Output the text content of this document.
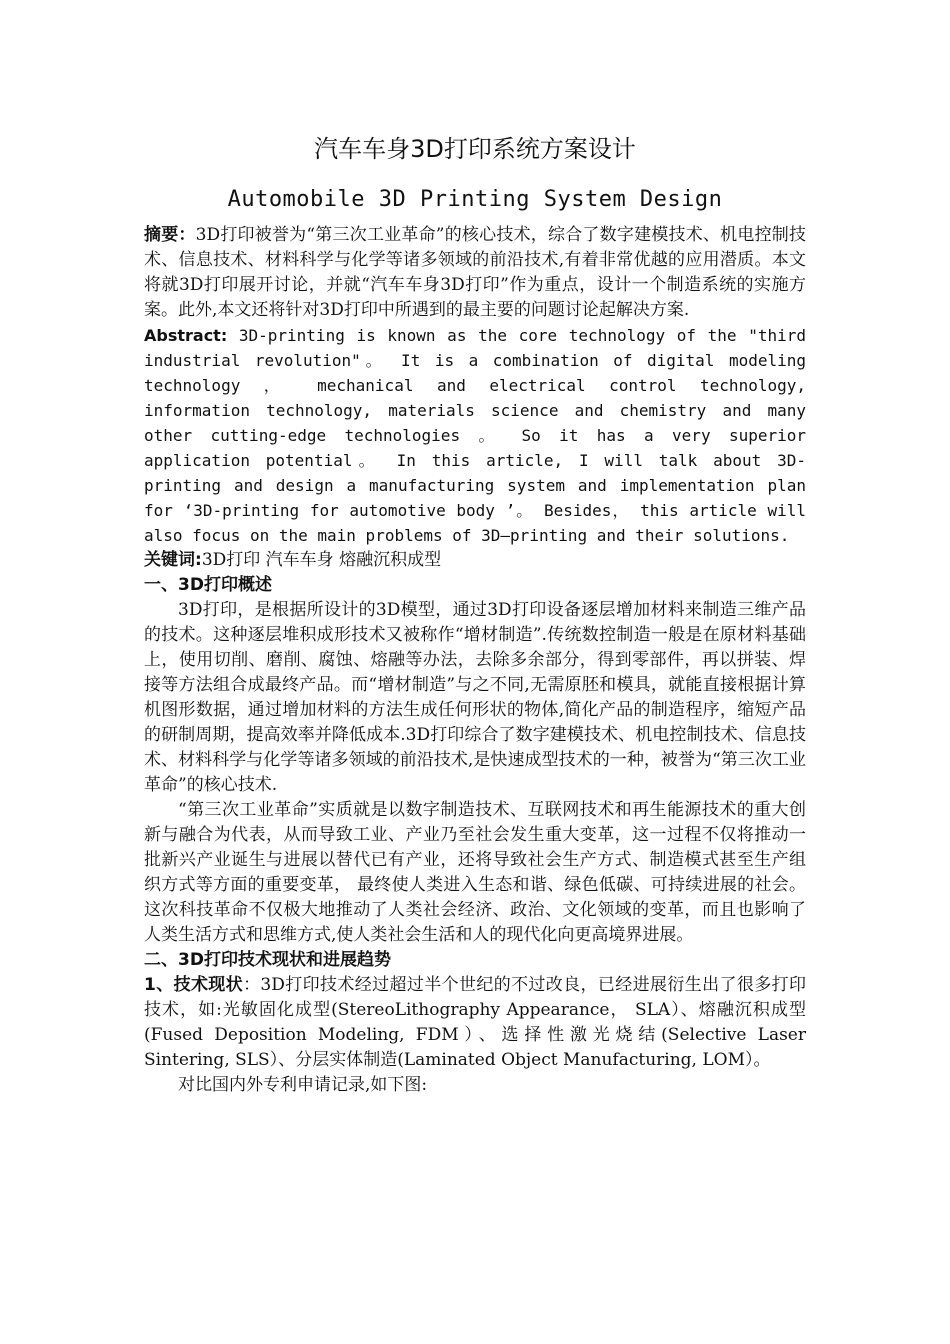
汽车车身3D打印系统方案设计
Automobile 3D Printing System Design

摘要：3D打印被誉为“第三次工业革命”的核心技术，综合了数字建模技术、机电控制技术、信息技术、材料科学与化学等诸多领域的前沿技术,有着非常优越的应用潜质。本文将就3D打印展开讨论，并就“汽车车身3D打印”作为重点，设计一个制造系统的实施方案。此外,本文还将针对3D打印中所遇到的最主要的问题讨论起解决方案.

Abstract: 3D-printing is known as the core technology of the "third industrial revolution"。 It is a combination of digital modeling technology ， mechanical and electrical control technology, information technology, materials science and chemistry and many other cutting-edge technologies 。 So it has a very superior application potential。 In this article, I will talk about 3D-printing and design a manufacturing system and implementation plan for ‘3D-printing for automotive body ’。 Besides， this article will also focus on the main problems of 3D—printing and their solutions.

关键词:3D打印 汽车车身 熔融沉积成型

一、3D打印概述

3D打印，是根据所设计的3D模型，通过3D打印设备逐层增加材料来制造三维产品的技术。这种逐层堆积成形技术又被称作“增材制造”.传统数控制造一般是在原材料基础上，使用切削、磨削、腐蚀、熔融等办法，去除多余部分，得到零部件，再以拼装、焊接等方法组合成最终产品。而“增材制造”与之不同,无需原胚和模具，就能直接根据计算机图形数据，通过增加材料的方法生成任何形状的物体,简化产品的制造程序，缩短产品的研制周期，提高效率并降低成本.3D打印综合了数字建模技术、机电控制技术、信息技术、材料科学与化学等诸多领域的前沿技术,是快速成型技术的一种，被誉为“第三次工业革命”的核心技术.

“第三次工业革命”实质就是以数字制造技术、互联网技术和再生能源技术的重大创新与融合为代表，从而导致工业、产业乃至社会发生重大变革，这一过程不仅将推动一批新兴产业诞生与进展以替代已有产业，还将导致社会生产方式、制造模式甚至生产组织方式等方面的重要变革， 最终使人类进入生态和谐、绿色低碳、可持续进展的社会。这次科技革命不仅极大地推动了人类社会经济、政治、文化领域的变革，而且也影响了人类生活方式和思维方式,使人类社会生活和人的现代化向更高境界进展。

二、3D打印技术现状和进展趋势

1、技术现状：3D打印技术经过超过半个世纪的不过改良，已经进展衍生出了很多打印技术，如:光敏固化成型(StereoLithography Appearance， SLA）、熔融沉积成型(Fused Deposition Modeling, FDM）、选择性激光烧结(Selective Laser Sintering, SLS）、分层实体制造(Laminated Object Manufacturing, LOM）。

对比国内外专利申请记录,如下图:
